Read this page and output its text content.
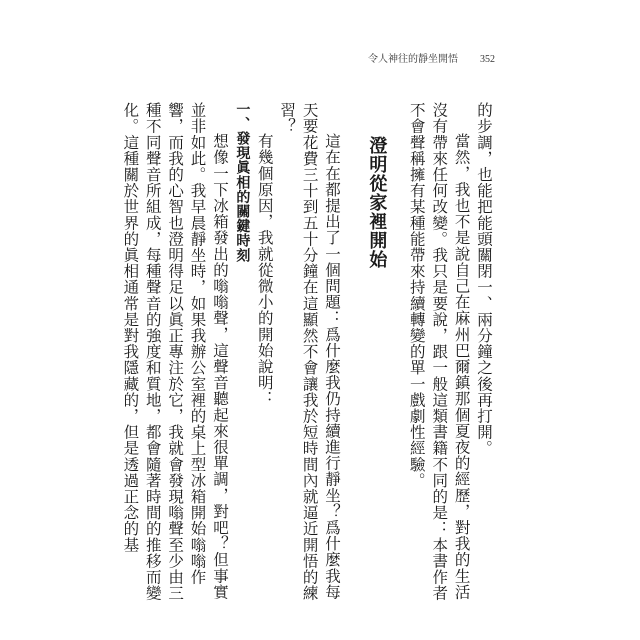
令人神往的靜坐開悟 352

的步調，也能把能頭關閉一、兩分鐘之後再打開。

當然，我也不是說自己在麻州巴爾鎮那個夏夜的經歷，對我的生活沒有帶來任何改變。我只是要說，跟一般這類書籍不同的是：本書作者不會聲稱擁有某種能帶來持續轉變的單一戲劇性經驗。

澄明從家裡開始

這在在都提出了一個問題：爲什麼我仍持續進行靜坐？爲什麼我每天要花費三十到五十分鐘在這顯然不會讓我於短時間內就逼近開悟的練習？

有幾個原因，我就從微小的開始說明：

一、發現眞相的關鍵時刻

想像一下冰箱發出的嗡嗡聲，這聲音聽起來很單調，對吧？但事實並非如此。我早晨靜坐時，如果我辦公室裡的桌上型冰箱開始嗡嗡作響，而我的心智也澄明得足以眞正專注於它，我就會發現嗡聲至少由三種不同聲音所組成，每種聲音的強度和質地，都會隨著時間的推移而變化。這種關於世界的眞相通常是對我隱藏的，但是透過正念的基
